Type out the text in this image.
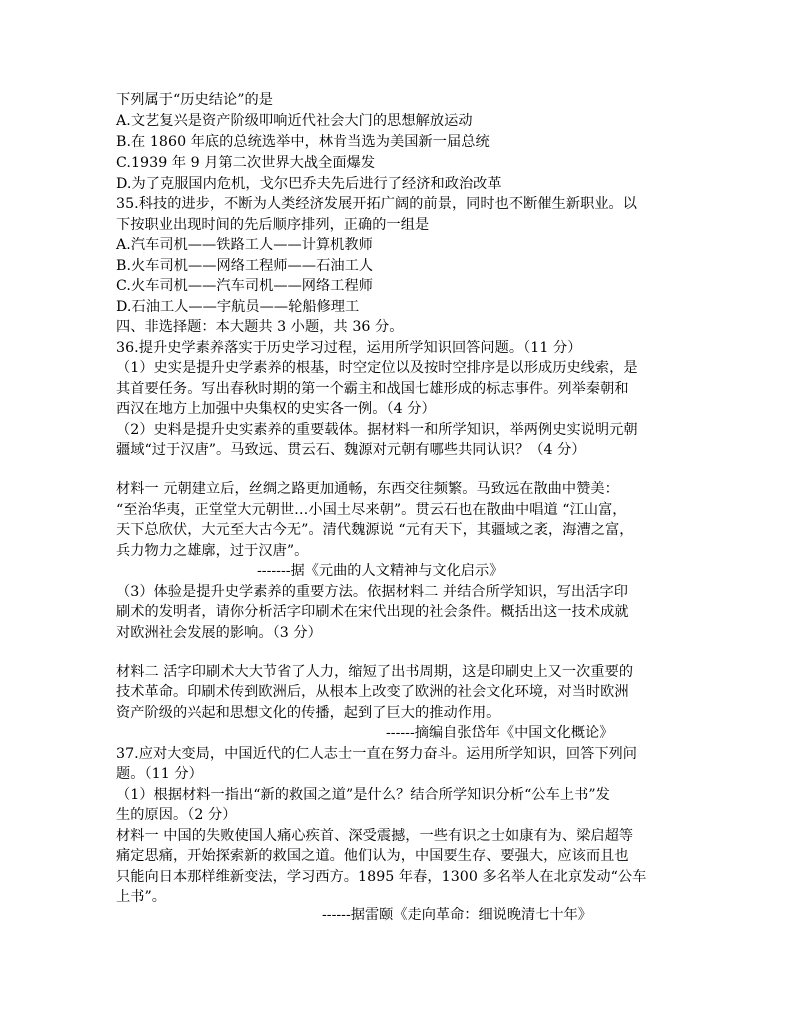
下列属于“历史结论”的是
A.文艺复兴是资产阶级叩响近代社会大门的思想解放运动
B.在 1860 年底的总统选举中，林肯当选为美国新一届总统
C.1939 年 9 月第二次世界大战全面爆发
D.为了克服国内危机，戈尔巴乔夫先后进行了经济和政治改革
35.科技的进步，不断为人类经济发展开拓广阔的前景，同时也不断催生新职业。以
下按职业出现时间的先后顺序排列，正确的一组是
A.汽车司机——铁路工人——计算机教师
B.火车司机——网络工程师——石油工人
C.火车司机——汽车司机——网络工程师
D.石油工人——宇航员——轮船修理工
四、非选择题：本大题共 3 小题，共 36 分。
36.提升史学素养落实于历史学习过程，运用所学知识回答问题。（11 分）
（1）史实是提升史学素养的根基，时空定位以及按时空排序是以形成历史线索，是
其首要任务。写出春秋时期的第一个霸主和战国七雄形成的标志事件。列举秦朝和
西汉在地方上加强中央集权的史实各一例。（4 分）
（2）史料是提升史实素养的重要载体。据材料一和所学知识，举两例史实说明元朝
疆域“过于汉唐”。马致远、贯云石、魏源对元朝有哪些共同认识？（4 分）
材料一 元朝建立后，丝绸之路更加通畅，东西交往频繁。马致远在散曲中赞美：
“至治华夷，正堂堂大元朝世…小国土尽来朝”。贯云石也在散曲中唱道 “江山富，
天下总欣伏，大元至大古今无”。清代魏源说 “元有天下，其疆域之袤，海漕之富，
兵力物力之雄廓，过于汉唐”。
-------据《元曲的人文精神与文化启示》
（3）体验是提升史学素养的重要方法。依据材料二 并结合所学知识，写出活字印
刷术的发明者，请你分析活字印刷术在宋代出现的社会条件。概括出这一技术成就
对欧洲社会发展的影响。（3 分）
材料二 活字印刷术大大节省了人力，缩短了出书周期，这是印刷史上又一次重要的
技术革命。印刷术传到欧洲后，从根本上改变了欧洲的社会文化环境，对当时欧洲
资产阶级的兴起和思想文化的传播，起到了巨大的推动作用。
------摘编自张岱年《中国文化概论》
37.应对大变局，中国近代的仁人志士一直在努力奋斗。运用所学知识，回答下列问
题。（11 分）
（1）根据材料一指出“新的救国之道”是什么？结合所学知识分析“公车上书”发
生的原因。（2 分）
材料一 中国的失败使国人痛心疾首、深受震撼，一些有识之士如康有为、梁启超等
痛定思痛，开始探索新的救国之道。他们认为，中国要生存、要强大，应该而且也
只能向日本那样维新变法，学习西方。1895 年春，1300 多名举人在北京发动“公车
上书”。
------据雷颐《走向革命：细说晚清七十年》
